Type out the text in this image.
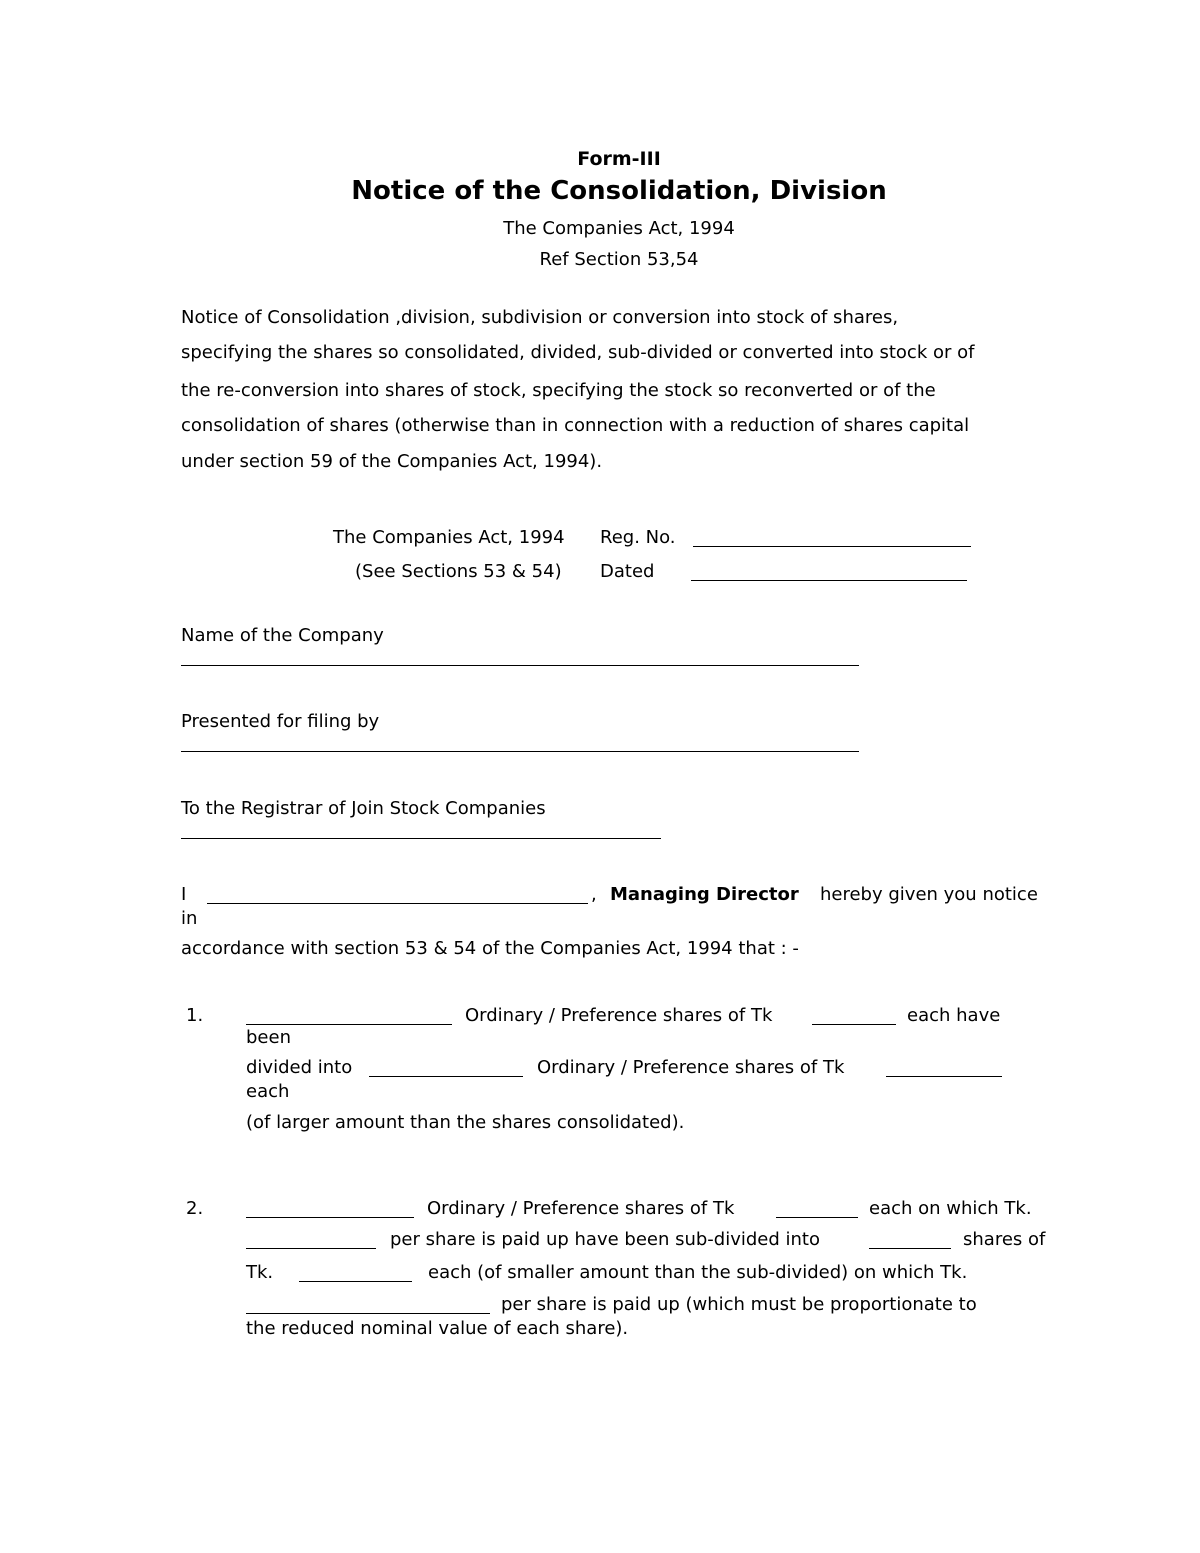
Form-III
Notice of the Consolidation, Division
The Companies Act, 1994
Ref Section 53,54
Notice of Consolidation ,division, subdivision or conversion into stock of shares,
specifying the shares so consolidated, divided, sub-divided or converted into stock or of
the re-conversion into shares of stock, specifying the stock so reconverted or of the
consolidation of shares (otherwise than in connection with a reduction of shares capital
under section 59 of the Companies Act, 1994).
The Companies Act, 1994 Reg. No.
(See Sections 53 & 54) Dated
Name of the Company
Presented for filing by
To the Registrar of Join Stock Companies
I	, Managing Director hereby given you notice
in
accordance with section 53 & 54 of the Companies Act, 1994 that : -
1.	Ordinary / Preference shares of Tk	each have
been
divided into	Ordinary / Preference shares of Tk
each
(of larger amount than the shares consolidated).
2.	Ordinary / Preference shares of Tk	each on which Tk.
per share is paid up have been sub-divided into	shares of
Tk.	each (of smaller amount than the sub-divided) on which Tk.
per share is paid up (which must be proportionate to
the reduced nominal value of each share).
